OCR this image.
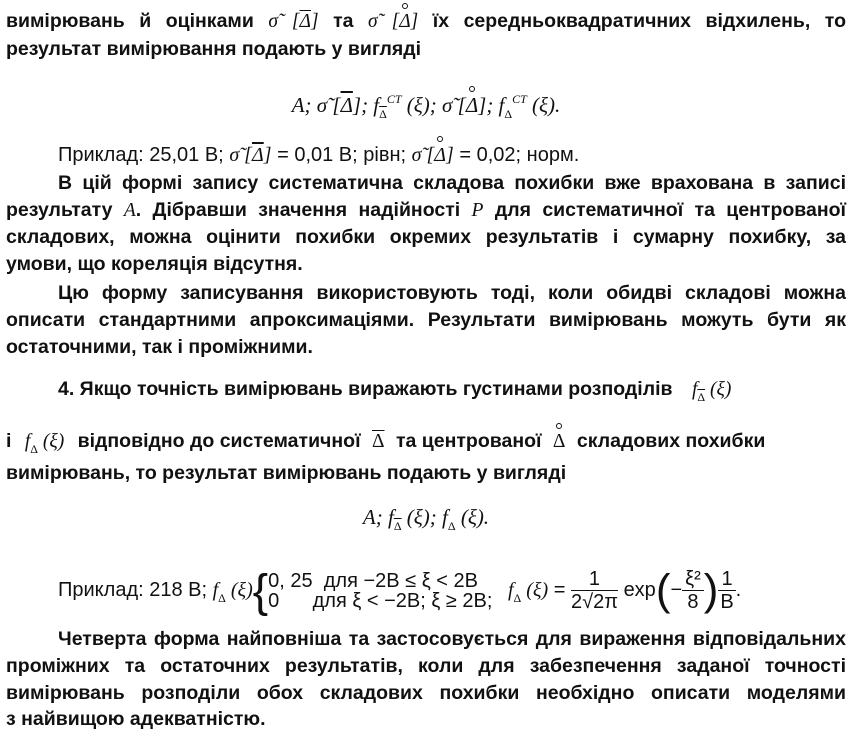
вимірювань й оцінками σ̃ $[\overline{\Delta}]$ та σ̃ [Δ] їх середньоквадратичних відхилень, то
результат вимірювання подають у вигляді
A; σ̃ $[\overline{\Delta}]$; $f_{\overline{\Delta}}^{CT}$ (ξ); σ̃ [Δ]; $f_\Delta^{CT}$ (ξ).
Приклад: 25,01 В; σ̃ $[\overline{\Delta}] = 0,01$ В; рівн; σ̃ [Δ] = 0,02; норм.
В цій формі запису систематична складова похибки вже врахована в записі
результату A. Дібравши значення надійності P для систематичної та центрованої
складових, можна оцінити похибки окремих результатів і сумарну похибку, за
умови, що кореляція відсутня.
Цю форму записування використовують тоді, коли обидві складові можна
описати стандартними апроксимаціями. Результати вимірювань можуть бути як
остаточними, так і проміжними.
4. Якщо точність вимірювань виражають густинами розподілів $f_{\overline{\Delta}}$ (ξ)
і $f_\Delta$ (ξ) відповідно до систематичної $\overline{\Delta}$ та центрованої Δ складових похибки
вимірювань, то результат вимірювань подають у вигляді
A; $f_{\overline{\Delta}}$ (ξ); $f_\Delta$ (ξ).
Приклад: 218 В; $f_\Delta$ (ξ){0, 25 для −2В ≤ ξ < 2В
0 для ξ < −2В; ξ ≥ 2В; $f_\Delta$ $(\xi) = \frac{1}{2√2\pi} \exp(- \frac{\text{ξ²}}{8}$ ) $\frac{1}{В}$ .
Четверта форма найповніша та застосовується для вираження відповідальних
проміжних та остаточних результатів, коли для забезпечення заданої точності
вимірювань розподіли обох складових похибки необхідно описати моделями
з найвищою адекватністю.
